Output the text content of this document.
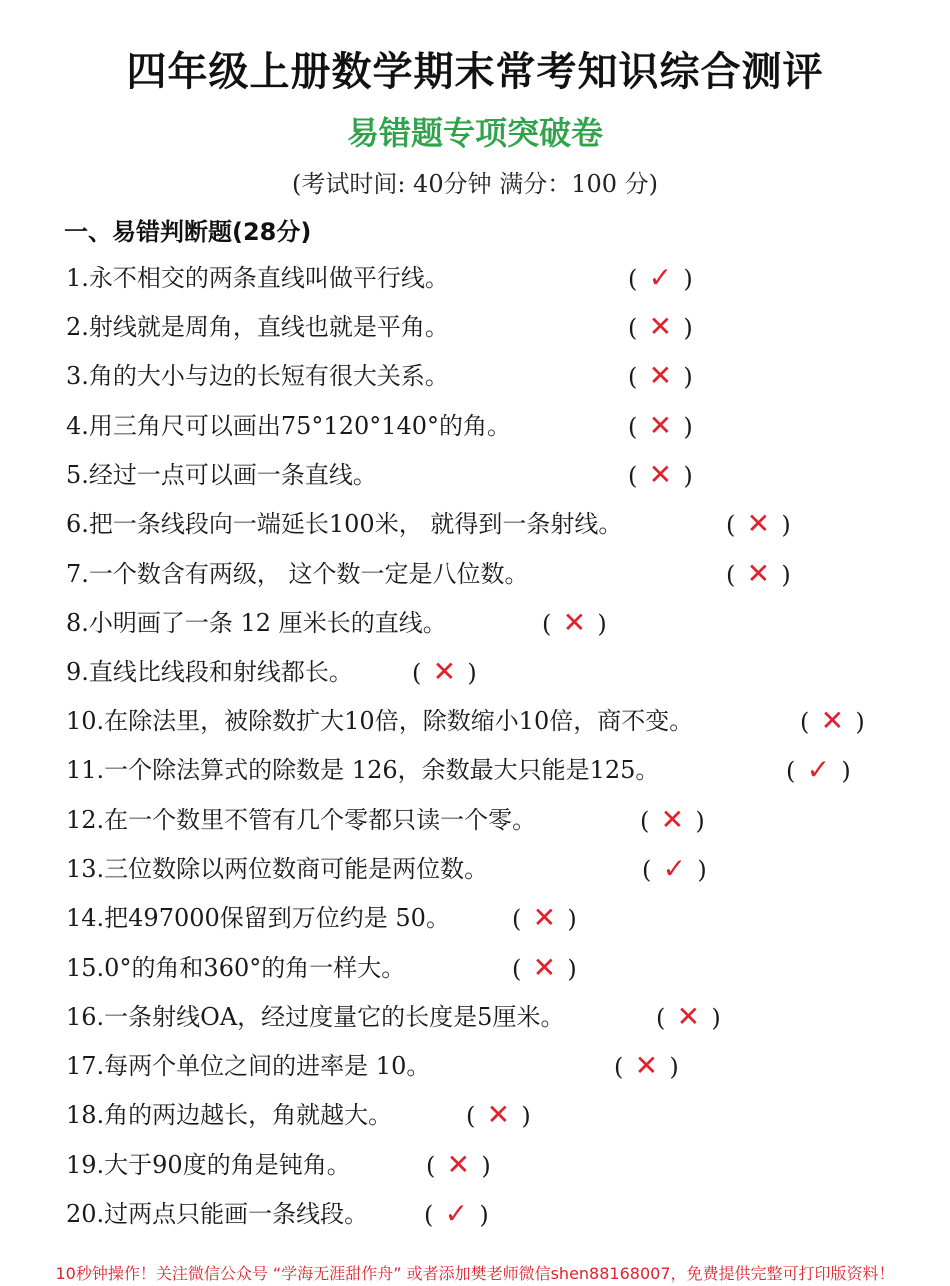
四年级上册数学期末常考知识综合测评
易错题专项突破卷
(考试时间: 40分钟 满分：100 分)
一、易错判断题(28分)
1.永不相交的两条直线叫做平行线。	( ✓ )
2.射线就是周角，直线也就是平角。	( ✕ )
3.角的大小与边的长短有很大关系。	( ✕ )
4.用三角尺可以画出75°120°140°的角。	( ✕ )
5.经过一点可以画一条直线。	( ✕ )
6.把一条线段向一端延长100米， 就得到一条射线。	( ✕ )
7.一个数含有两级， 这个数一定是八位数。	( ✕ )
8.小明画了一条 12 厘米长的直线。	( ✕ )
9.直线比线段和射线都长。 ( ✕ )
10.在除法里，被除数扩大10倍，除数缩小10倍，商不变。	( ✕ )
11.一个除法算式的除数是 126，余数最大只能是125。	( ✓ )
12.在一个数里不管有几个零都只读一个零。	( ✕ )
13.三位数除以两位数商可能是两位数。	( ✓ )
14.把497000保留到万位约是 50。	( ✕ )
15.0°的角和360°的角一样大。	( ✕ )
16.一条射线OA，经过度量它的长度是5厘米。	( ✕ )
17.每两个单位之间的进率是 10。	( ✕ )
18.角的两边越长，角就越大。	( ✕ )
19.大于90度的角是钝角。	( ✕ )
20.过两点只能画一条线段。 ( ✓ )
10秒钟操作！关注微信公众号 “学海无涯甜作舟” 或者添加樊老师微信shen88168007，免费提供完整可打印版资料！
